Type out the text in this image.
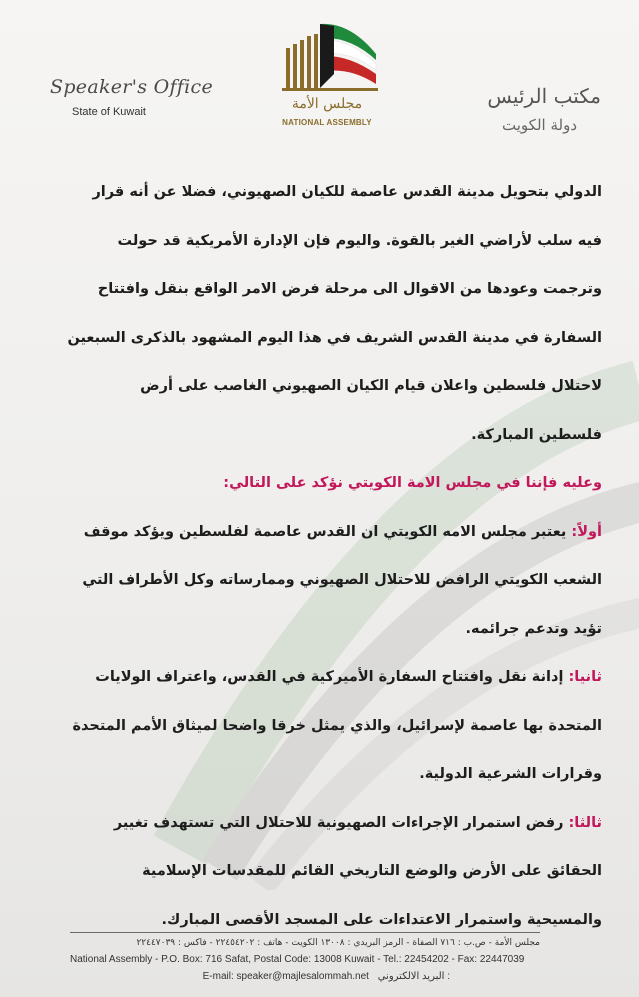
Speaker's Office
State of Kuwait	مجلس الأمة
NATIONAL ASSEMBLY
مكتب الرئيس
دولة الكويت
الدولي بتحويل مدينة القدس عاصمة للكيان الصهيوني، فضلا عن أنه قرار
فيه سلب لأراضي الغير بالقوة. واليوم فإن الإدارة الأمريكية قد حولت
وترجمت وعودها من الاقوال الى مرحلة فرض الامر الواقع بنقل وافتتاح
السفارة في مدينة القدس الشريف في هذا اليوم المشهود بالذكرى السبعين
لاحتلال فلسطين واعلان قيام الكيان الصهيوني الغاصب على أرض
فلسطين المباركة.
وعليه فإننا في مجلس الامة الكويتي نؤكد على التالي:
أولاً: يعتبر مجلس الامه الكويتي ان القدس عاصمة لفلسطين ويؤكد موقف
الشعب الكويتي الرافض للاحتلال الصهيوني وممارساته وكل الأطراف التي
تؤيد وتدعم جرائمه.
ثانيا: إدانة نقل وافتتاح السفارة الأميركية في القدس، واعتراف الولايات
المتحدة بها عاصمة لإسرائيل، والذي يمثل خرقا واضحا لميثاق الأمم المتحدة
وقرارات الشرعية الدولية.
ثالثا: رفض استمرار الإجراءات الصهيونية للاحتلال التي تستهدف تغيير
الحقائق على الأرض والوضع التاريخي القائم للمقدسات الإسلامية
والمسيحية واستمرار الاعتداءات على المسجد الأقصى المبارك.
مجلس الأمة - ص.ب : ٧١٦ الصفاة - الرمز البريدي : ١٣٠٠٨ الكويت - هاتف : ٢٢٤٥٤٢٠٢ - فاكس : ٢٢٤٤٧٠٣٩
National Assembly - P.O. Box: 716 Safat, Postal Code: 13008 Kuwait - Tel.: 22454202 - Fax: 22447039
E-mail: speaker@majlesalommah.net البريد الالكتروني :
